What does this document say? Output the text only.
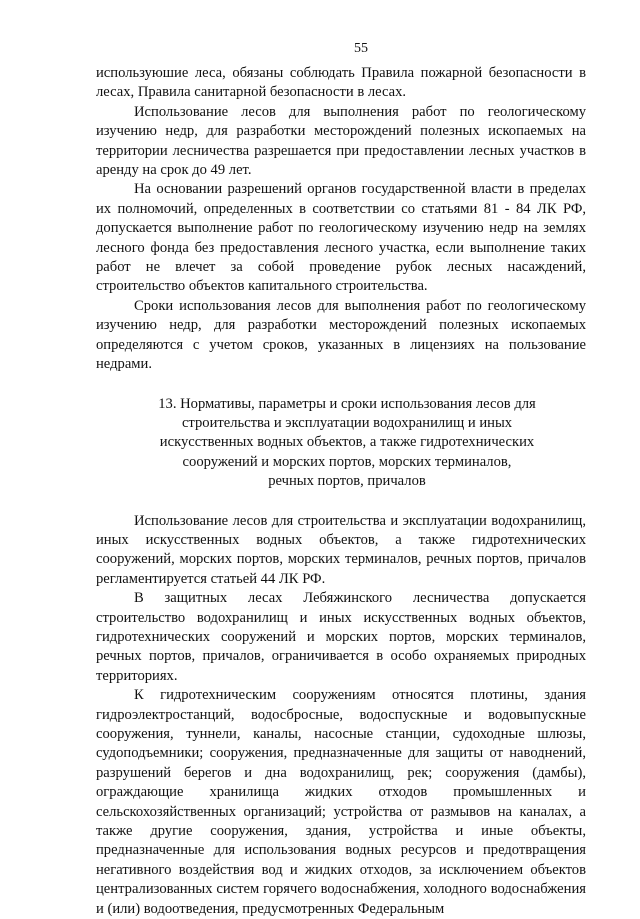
55

используюшие леса, обязаны соблюдать Правила пожарной безопасности в лесах, Правила санитарной безопасности в лесах.

Использование лесов для выполнения работ по геологическому изучению недр, для разработки месторождений полезных ископаемых на территории лесничества разрешается при предоставлении лесных участков в аренду на срок до 49 лет.

На основании разрешений органов государственной власти в пределах их полномочий, определенных в соответствии со статьями 81 - 84 ЛК РФ, допускается выполнение работ по геологическому изучению недр на землях лесного фонда без предоставления лесного участка, если выполнение таких работ не влечет за собой проведение рубок лесных насаждений, строительство объектов капитального строительства.

Сроки использования лесов для выполнения работ по геологическому изучению недр, для разработки месторождений полезных ископаемых определяются с учетом сроков, указанных в лицензиях на пользование недрами.

13. Нормативы, параметры и сроки использования лесов для
строительства и эксплуатации водохранилищ и иных
искусственных водных объектов, а также гидротехнических
сооружений и морских портов, морских терминалов,
речных портов, причалов

Использование лесов для строительства и эксплуатации водохранилищ, иных искусственных водных объектов, а также гидротехнических сооружений, морских портов, морских терминалов, речных портов, причалов регламентируется статьей 44 ЛК РФ.

В защитных лесах Лебяжинского лесничества допускается строительство водохранилищ и иных искусственных водных объектов, гидротехнических сооружений и морских портов, морских терминалов, речных портов, причалов, ограничивается в особо охраняемых природных территориях.

К гидротехническим сооружениям относятся плотины, здания гидроэлектростанций, водосбросные, водоспускные и водовыпускные сооружения, туннели, каналы, насосные станции, судоходные шлюзы, судоподъемники; сооружения, предназначенные для защиты от наводнений, разрушений берегов и дна водохранилищ, рек; сооружения (дамбы), ограждающие хранилища жидких отходов промышленных и сельскохозяйственных организаций; устройства от размывов на каналах, а также другие сооружения, здания, устройства и иные объекты, предназначенные для использования водных ресурсов и предотвращения негативного воздействия вод и жидких отходов, за исключением объектов централизованных систем горячего водоснабжения, холодного водоснабжения и (или) водоотведения, предусмотренных Федеральным
